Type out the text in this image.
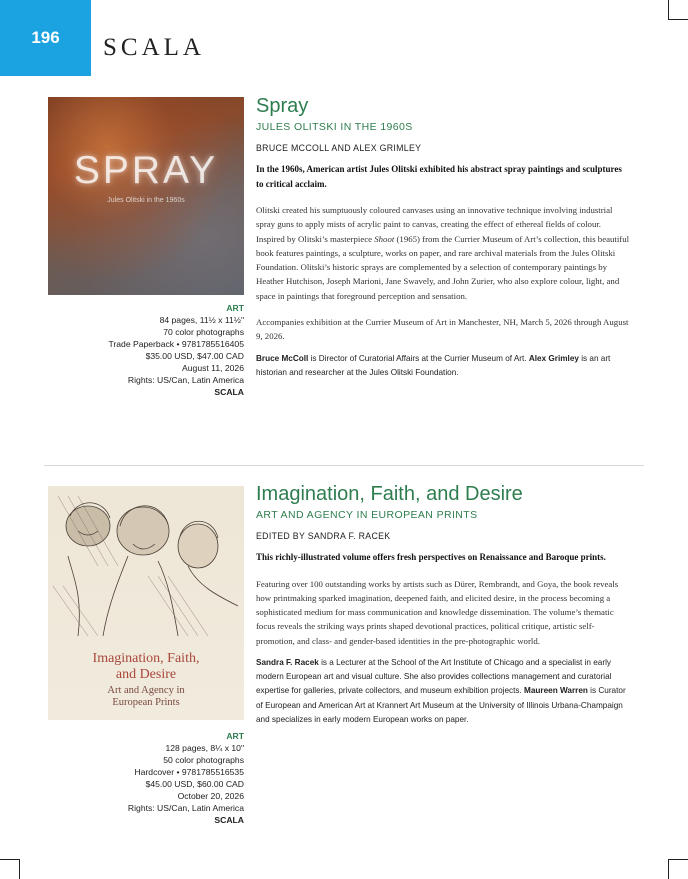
196	SCALA
SPRAY
Jules Olitski in the 1960s
ART
84 pages, 11½ x 11½"
70 color photographs
Trade Paperback • 9781785516405
$35.00 USD, $47.00 CAD
August 11, 2026
Rights: US/Can, Latin America
SCALA
Spray
JULES OLITSKI IN THE 1960S
BRUCE MCCOLL AND ALEX GRIMLEY
In the 1960s, American artist Jules Olitski exhibited his abstract spray paintings and sculptures to critical acclaim.
Olitski created his sumptuously coloured canvases using an innovative technique involving industrial spray guns to apply mists of acrylic paint to canvas, creating the effect of ethereal fields of colour. Inspired by Olitski’s masterpiece Shoot (1965) from the Currier Museum of Art’s collection, this beautiful book features paintings, a sculpture, works on paper, and rare archival materials from the Jules Olitski Foundation. Olitski’s historic sprays are complemented by a selection of contemporary paintings by Heather Hutchison, Joseph Marioni, Jane Swavely, and John Zurier, who also explore colour, light, and space in paintings that foreground perception and sensation.
Accompanies exhibition at the Currier Museum of Art in Manchester, NH, March 5, 2026 through August 9, 2026.
Bruce McColl is Director of Curatorial Affairs at the Currier Museum of Art. Alex Grimley is an art historian and researcher at the Jules Olitski Foundation.
Imagination, Faith,
and Desire
Art and Agency in
European Prints
ART
128 pages, 8¼ x 10"
50 color photographs
Hardcover • 9781785516535
$45.00 USD, $60.00 CAD
October 20, 2026
Rights: US/Can, Latin America
SCALA
Imagination, Faith, and Desire
ART AND AGENCY IN EUROPEAN PRINTS
EDITED BY SANDRA F. RACEK
This richly-illustrated volume offers fresh perspectives on Renaissance and Baroque prints.
Featuring over 100 outstanding works by artists such as Dürer, Rembrandt, and Goya, the book reveals how printmaking sparked imagination, deepened faith, and elicited desire, in the process becoming a sophisticated medium for mass communication and knowledge dissemination. The volume’s thematic focus reveals the striking ways prints shaped devotional practices, political critique, artistic self-promotion, and class- and gender-based identities in the pre-photographic world.
Sandra F. Racek is a Lecturer at the School of the Art Institute of Chicago and a specialist in early modern European art and visual culture. She also provides collections management and curatorial expertise for galleries, private collectors, and museum exhibition projects. Maureen Warren is Curator of European and American Art at Krannert Art Museum at the University of Illinois Urbana-Champaign and specializes in early modern European works on paper.
